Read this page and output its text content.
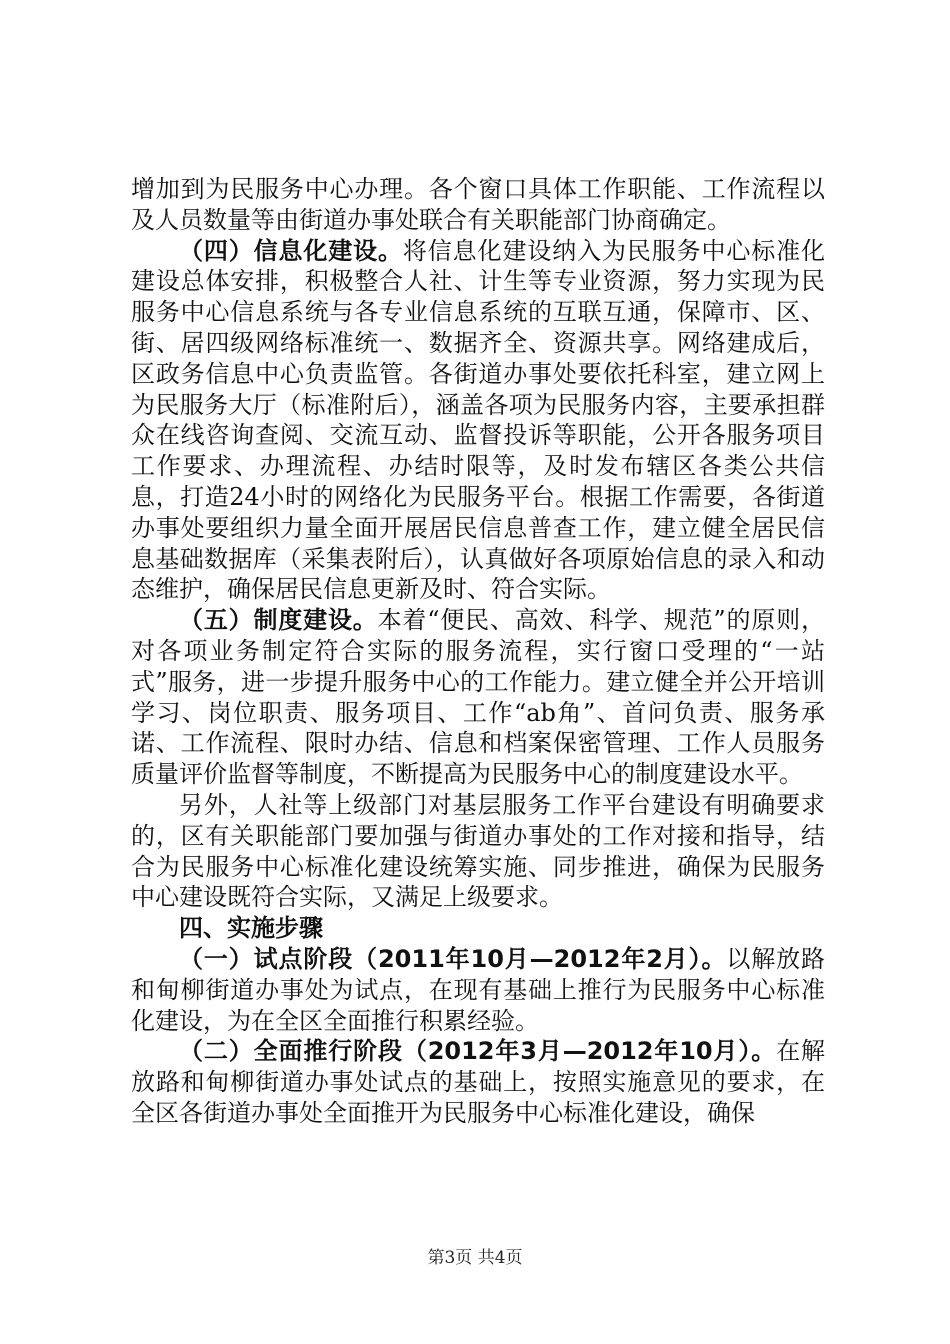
增加到为民服务中心办理。各个窗口具体工作职能、工作流程以及人员数量等由街道办事处联合有关职能部门协商确定。

（四）信息化建设。将信息化建设纳入为民服务中心标准化建设总体安排，积极整合人社、计生等专业资源，努力实现为民服务中心信息系统与各专业信息系统的互联互通，保障市、区、街、居四级网络标准统一、数据齐全、资源共享。网络建成后，区政务信息中心负责监管。各街道办事处要依托科室，建立网上为民服务大厅（标准附后），涵盖各项为民服务内容，主要承担群众在线咨询查阅、交流互动、监督投诉等职能，公开各服务项目工作要求、办理流程、办结时限等，及时发布辖区各类公共信息，打造24小时的网络化为民服务平台。根据工作需要，各街道办事处要组织力量全面开展居民信息普查工作，建立健全居民信息基础数据库（采集表附后），认真做好各项原始信息的录入和动态维护，确保居民信息更新及时、符合实际。

（五）制度建设。本着“便民、高效、科学、规范”的原则，对各项业务制定符合实际的服务流程，实行窗口受理的“一站式”服务，进一步提升服务中心的工作能力。建立健全并公开培训学习、岗位职责、服务项目、工作“ab角”、首问负责、服务承诺、工作流程、限时办结、信息和档案保密管理、工作人员服务质量评价监督等制度，不断提高为民服务中心的制度建设水平。

另外，人社等上级部门对基层服务工作平台建设有明确要求的，区有关职能部门要加强与街道办事处的工作对接和指导，结合为民服务中心标准化建设统筹实施、同步推进，确保为民服务中心建设既符合实际，又满足上级要求。

四、实施步骤

（一）试点阶段（2011年10月—2012年2月）。以解放路和甸柳街道办事处为试点，在现有基础上推行为民服务中心标准化建设，为在全区全面推行积累经验。

（二）全面推行阶段（2012年3月—2012年10月）。在解放路和甸柳街道办事处试点的基础上，按照实施意见的要求，在全区各街道办事处全面推开为民服务中心标准化建设，确保

第3页 共4页
